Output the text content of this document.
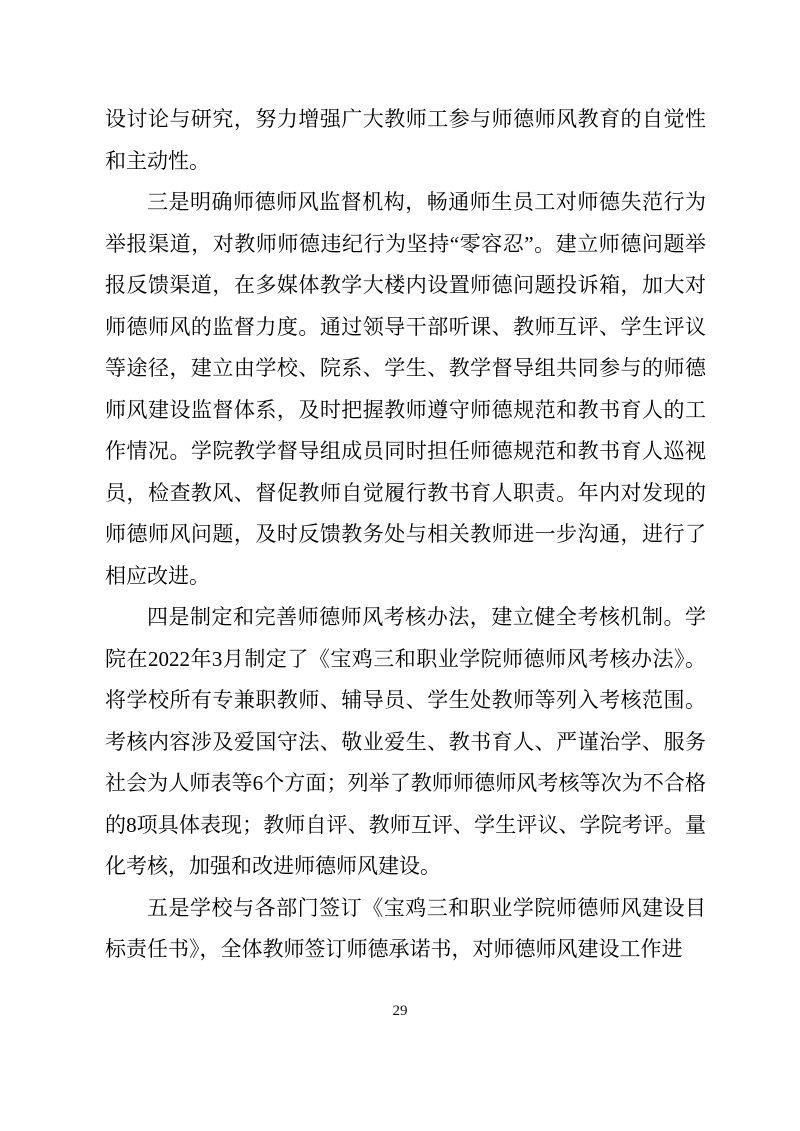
设讨论与研究，努力增强广大教师工参与师德师风教育的自觉性和主动性。

三是明确师德师风监督机构，畅通师生员工对师德失范行为举报渠道，对教师师德违纪行为坚持“零容忍”。建立师德问题举报反馈渠道，在多媒体教学大楼内设置师德问题投诉箱，加大对师德师风的监督力度。通过领导干部听课、教师互评、学生评议等途径，建立由学校、院系、学生、教学督导组共同参与的师德师风建设监督体系，及时把握教师遵守师德规范和教书育人的工作情况。学院教学督导组成员同时担任师德规范和教书育人巡视员，检查教风、督促教师自觉履行教书育人职责。年内对发现的师德师风问题，及时反馈教务处与相关教师进一步沟通，进行了相应改进。

四是制定和完善师德师风考核办法，建立健全考核机制。学院在2022年3月制定了《宝鸡三和职业学院师德师风考核办法》。将学校所有专兼职教师、辅导员、学生处教师等列入考核范围。考核内容涉及爱国守法、敬业爱生、教书育人、严谨治学、服务社会为人师表等6个方面；列举了教师师德师风考核等次为不合格的8项具体表现；教师自评、教师互评、学生评议、学院考评。量化考核，加强和改进师德师风建设。

五是学校与各部门签订《宝鸡三和职业学院师德师风建设目标责任书》，全体教师签订师德承诺书，对师德师风建设工作进

29
